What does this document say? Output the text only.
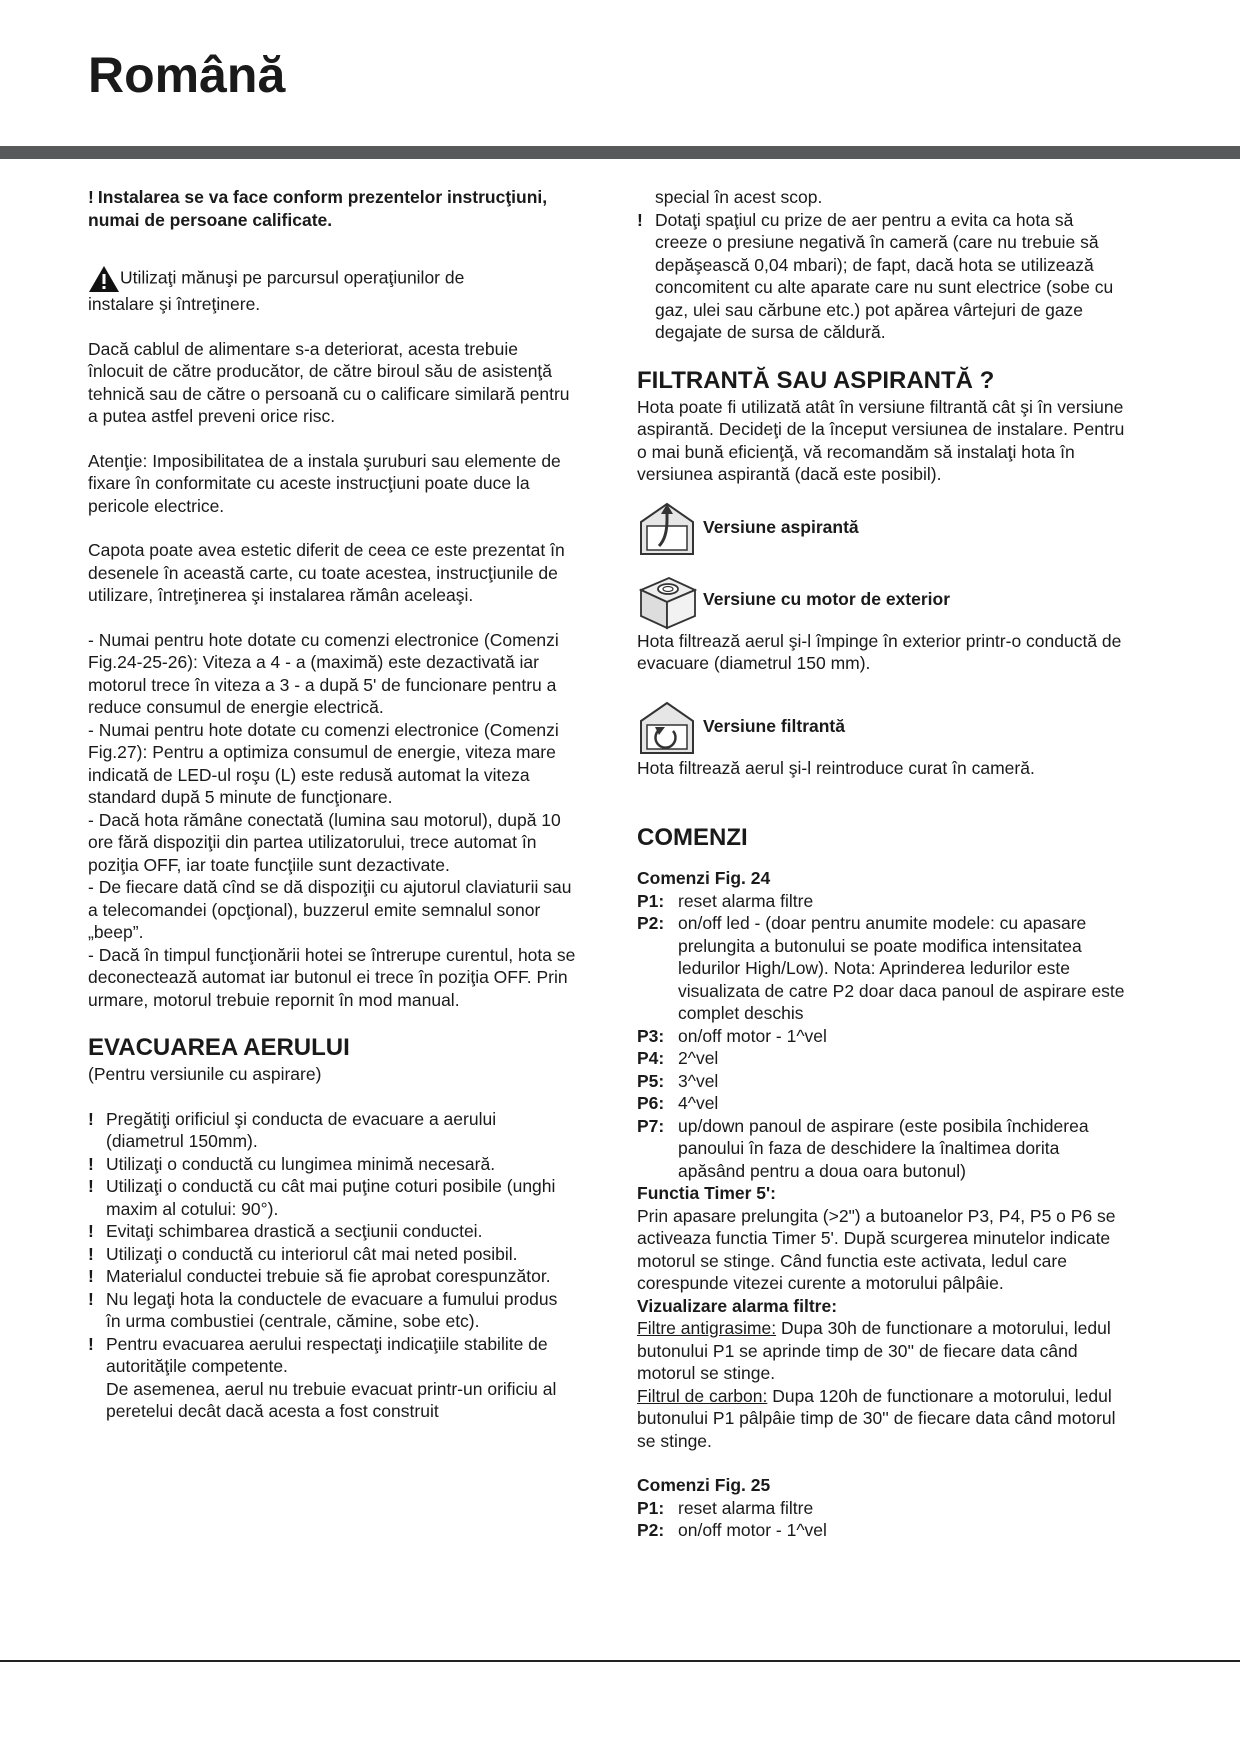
Română

! Instalarea se va face conform prezentelor instrucţiuni, numai de persoane calificate.

Utilizaţi mănuşi pe parcursul operaţiunilor de
instalare şi întreţinere.

Dacă cablul de alimentare s-a deteriorat, acesta trebuie înlocuit de către producător, de către biroul său de asistenţă tehnică sau de către o persoană cu o calificare similară pentru a putea astfel preveni orice risc.

Atenţie: Imposibilitatea de a instala şuruburi sau elemente de fixare în conformitate cu aceste instrucţiuni poate duce la pericole electrice.

Capota poate avea estetic diferit de ceea ce este prezentat în desenele în această carte, cu toate acestea, instrucţiunile de utilizare, întreţinerea şi instalarea rămân aceleaşi.

- Numai pentru hote dotate cu comenzi electronice (Comenzi Fig.24-25-26): Viteza a 4 - a (maximă) este dezactivată iar motorul trece în viteza a 3 - a după 5' de funcionare pentru a reduce consumul de energie electrică.

- Numai pentru hote dotate cu comenzi electronice (Comenzi Fig.27): Pentru a optimiza consumul de energie, viteza mare indicată de LED-ul roşu (L) este redusă automat la viteza standard după 5 minute de funcţionare.

- Dacă hota rămâne conectată (lumina sau motorul), după 10 ore fără dispoziţii din partea utilizatorului, trece automat în poziţia OFF, iar toate funcţiile sunt dezactivate.

- De fiecare dată cînd se dă dispoziţii cu ajutorul claviaturii sau a telecomandei (opcţional), buzzerul emite semnalul sonor „beep”.

- Dacă în timpul funcţionării hotei se întrerupe curentul, hota se deconectează automat iar butonul ei trece în poziţia OFF. Prin urmare, motorul trebuie repornit în mod manual.

EVACUAREA AERULUI

(Pentru versiunile cu aspirare)

! Pregătiţi orificiul şi conducta de evacuare a aerului (diametrul 150mm).
! Utilizaţi o conductă cu lungimea minimă necesară.
! Utilizaţi o conductă cu cât mai puţine coturi posibile (unghi maxim al cotului: 90°).
! Evitaţi schimbarea drastică a secţiunii conductei.
! Utilizaţi o conductă cu interiorul cât mai neted posibil.
! Materialul conductei trebuie să fie aprobat corespunzător.
! Nu legaţi hota la conductele de evacuare a fumului produs în urma combustiei (centrale, cămine, sobe etc).
! Pentru evacuarea aerului respectaţi indicaţiile stabilite de autorităţile competente.
De asemenea, aerul nu trebuie evacuat printr-un orificiu al peretelui decât dacă acesta a fost construit

special în acest scop.

! Dotaţi spaţiul cu prize de aer pentru a evita ca hota să creeze o presiune negativă în cameră (care nu trebuie să depăşească 0,04 mbari); de fapt, dacă hota se utilizează concomitent cu alte aparate care nu sunt electrice (sobe cu gaz, ulei sau cărbune etc.) pot apărea vârtejuri de gaze degajate de sursa de căldură.
FILTRANTĂ SAU ASPIRANTĂ ?

Hota poate fi utilizată atât în versiune filtrantă cât şi în versiune aspirantă. Decideţi de la început versiunea de instalare. Pentru o mai bună eficienţă, vă recomandăm să instalaţi hota în versiunea aspirantă (dacă este posibil).

Versiune aspirantă
Versiune cu motor de exterior

Hota filtrează aerul şi-l împinge în exterior printr-o conductă de evacuare (diametrul 150 mm).

Versiune filtrantă

Hota filtrează aerul şi-l reintroduce curat în cameră.

COMENZI

Comenzi Fig. 24

P1: reset alarma filtre
P2: on/off led - (doar pentru anumite modele: cu apasare prelungita a butonului se poate modifica intensitatea ledurilor High/Low). Nota: Aprinderea ledurilor este visualizata de catre P2 doar daca panoul de aspirare este complet deschis
P3: on/off motor - 1^vel
P4: 2^vel
P5: 3^vel
P6: 4^vel
P7: up/down panoul de aspirare (este posibila închiderea panoului în faza de deschidere la înaltimea dorita apăsând pentru a doua oara butonul)

Functia Timer 5':

Prin apasare prelungita (>2") a butoanelor P3, P4, P5 o P6 se activeaza functia Timer 5'. După scurgerea minutelor indicate motorul se stinge. Când functia este activata, ledul care corespunde vitezei curente a motorului pâlpâie.

Vizualizare alarma filtre:

Filtre antigrasime: Dupa 30h de functionare a motorului, ledul butonului P1 se aprinde timp de 30'' de fiecare data când motorul se stinge.

Filtrul de carbon: Dupa 120h de functionare a motorului, ledul butonului P1 pâlpâie timp de 30'' de fiecare data când motorul se stinge.

Comenzi Fig. 25

P1: reset alarma filtre
P2: on/off motor - 1^vel
